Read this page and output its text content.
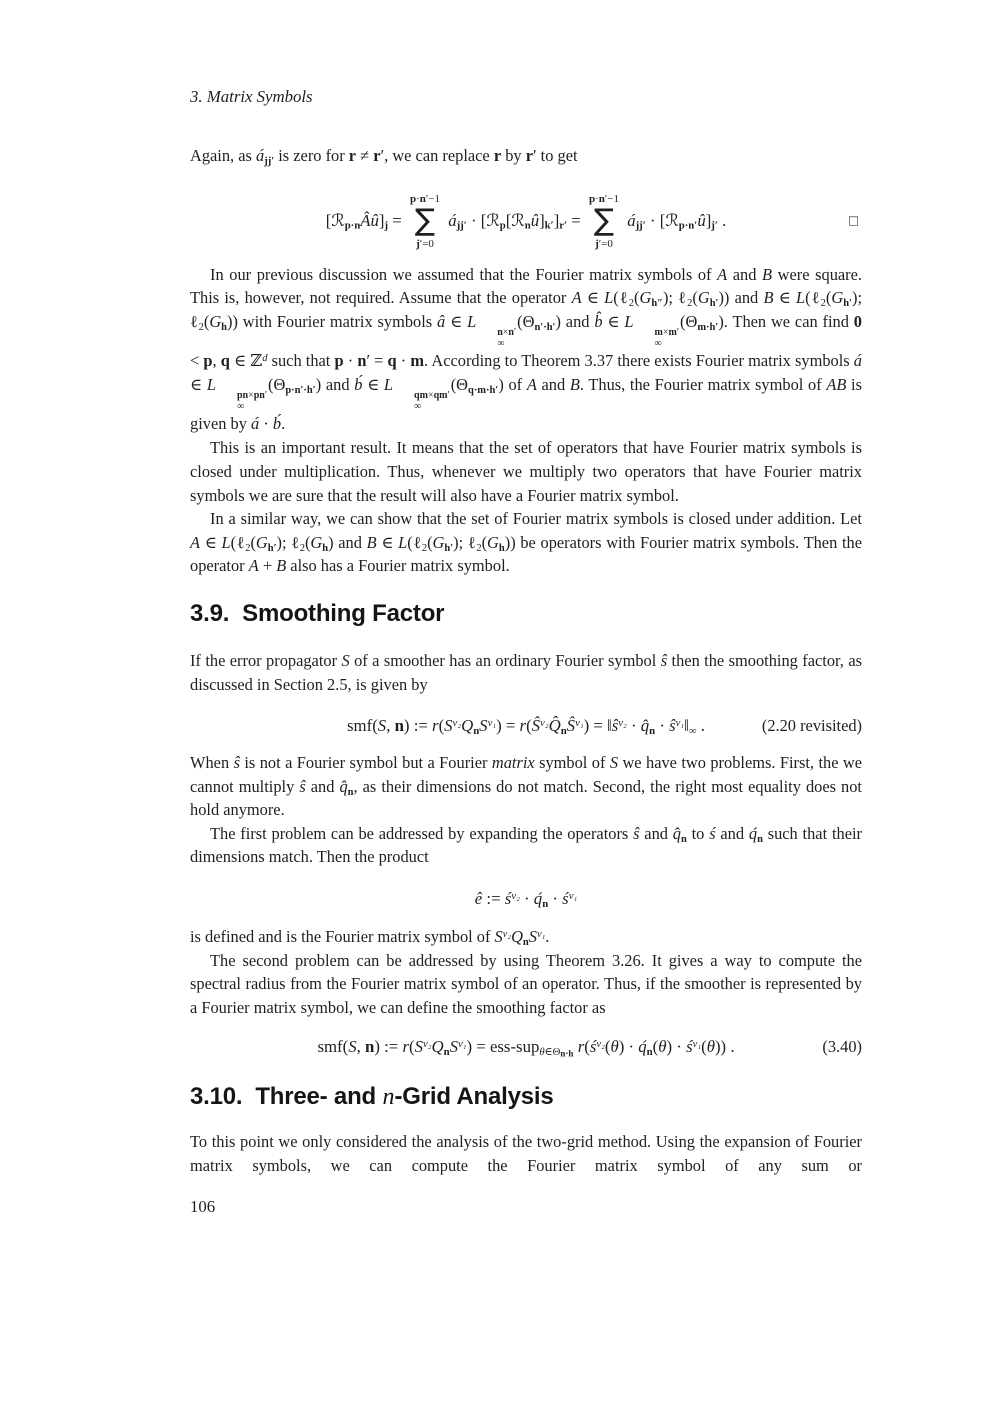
3. Matrix Symbols

Again, as $á_{jj'}$ is zero for r ≠ r′, we can replace r by r′ to get

$[ℛ_{p\cdot n}Âû]_j$ =
p·n′−1
∑
j′=0
$á_{jj'}$ · $[ℛ_p[ℛ_nû]_{k'}]_{r'}$ =
p·n′−1
∑
j′=0
$á_{jj'}$ · $[ℛ_{p\cdot n'}û]_{j'}$ .	□

In our previous discussion we assumed that the Fourier matrix symbols of A and B were square. This is, however, not required. Assume that the operator A ∈ $L(\ell_2(G_{h''})$; $\ell_2(G_{h'})$) and B ∈ $L(\ell_2(G_{h'})$; $\ell_2(G_h)$) with Fourier matrix symbols â ∈ L
n×n′
∞
$(\Theta_{n'\cdot h'})$ and b̂ ∈ L
m×m′
∞
$(\Theta_{m\cdot h'})$. Then we can find 0 < p, q ∈ ℤ$^d$ such that p · n′ = q · m. According to Theorem 3.37 there exists Fourier matrix symbols á ∈ L
pn×pn′
∞
$(\Theta_{p\cdot n'\cdot h'})$ and b́ ∈ L
qm×qm′
∞
$(\Theta_{q\cdot m\cdot h'})$ of A and B. Thus, the Fourier matrix symbol of AB is given by á · b́.

This is an important result. It means that the set of operators that have Fourier matrix symbols is closed under multiplication. Thus, whenever we multiply two operators that have Fourier matrix symbols we are sure that the result will also have a Fourier matrix symbol.

In a similar way, we can show that the set of Fourier matrix symbols is closed under addition. Let A ∈ $L(\ell_2(G_{h'})$; $\ell_2(G_h)$ and B ∈ $L(\ell_2(G_{h'})$; $\ell_2(G_h)$) be operators with Fourier matrix symbols. Then the operator A + B also has a Fourier matrix symbol.

3.9.  Smoothing Factor

If the error propagator S of a smoother has an ordinary Fourier symbol ŝ then the smoothing factor, as discussed in Section 2.5, is given by

smf(S, n) := $r(S^{\nu_2}Q_nS^{\nu_1})$ = $r(Ŝ^{\nu_2}Q̂_nŜ^{\nu_1})$ = $‖ŝ^{\nu_2}$ · $q̂_n$ · $ŝ^{\nu_1}‖_\infty$ .	(2.20 revisited)

When ŝ is not a Fourier symbol but a Fourier matrix symbol of S we have two problems. First, the we cannot multiply ŝ and $q̂_n$, as their dimensions do not match. Second, the right most equality does not hold anymore.

The first problem can be addressed by expanding the operators ŝ and $q̂_n$ to ś and $q́_n$ such that their dimensions match. Then the product

ê := $ś^{\nu_2}$ · $q́_n$ · $ś^{\nu_1}$

is defined and is the Fourier matrix symbol of $S^{\nu_2}Q_nS^{\nu_1}$.

The second problem can be addressed by using Theorem 3.26. It gives a way to compute the spectral radius from the Fourier matrix symbol of an operator. Thus, if the smoother is represented by a Fourier matrix symbol, we can define the smoothing factor as

smf(S, n) := $r(S^{\nu_2}Q_nS^{\nu_1}) = ess-sup_{\theta\in\Theta n\cdot h}$ $r(ś^{\nu_2}(\theta)$ · $q́_n(\theta)$ · $ś^{\nu_1}(\theta)$) .	(3.40)
3.10.  Three- and n-Grid Analysis

To this point we only considered the analysis of the two-grid method. Using the expansion of Fourier matrix symbols, we can compute the Fourier matrix symbol of any sum or

106
